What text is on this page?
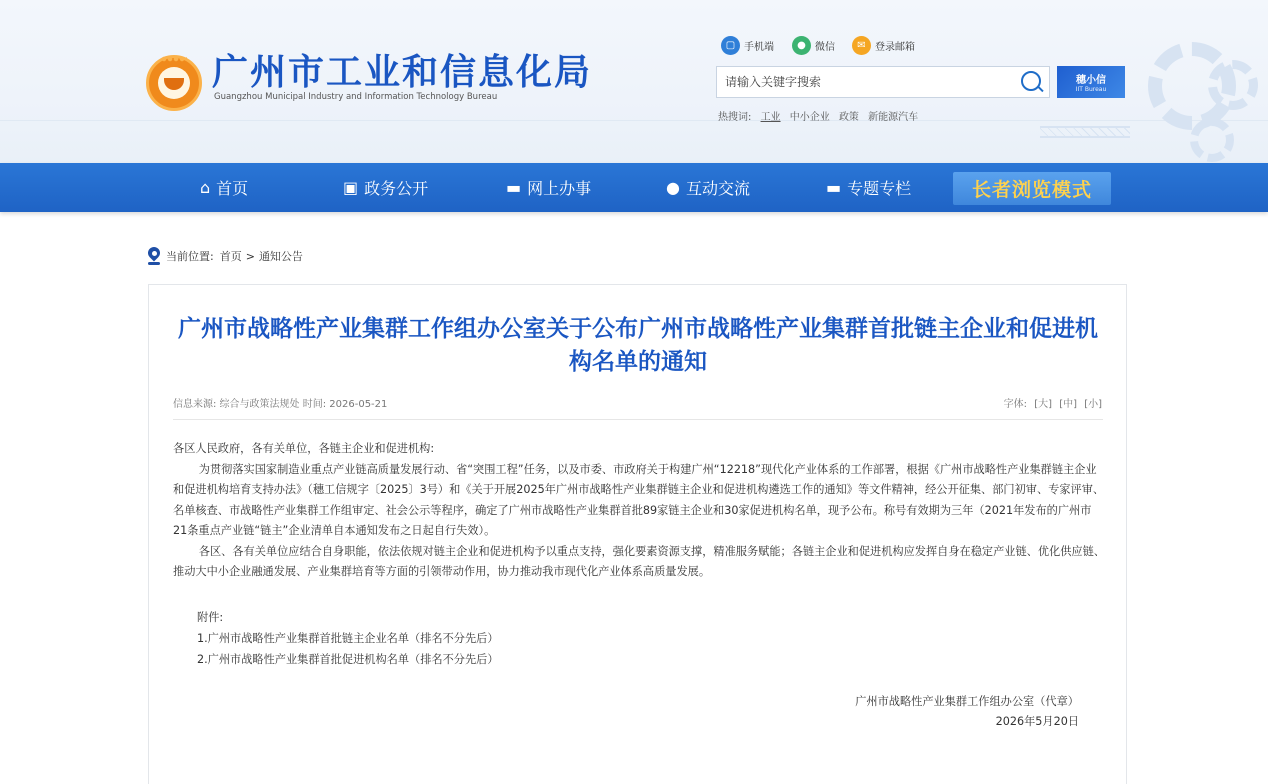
广州市工业和信息化局
Guangzhou Municipal Industry and Information Technology Bureau
▢ 手机端	● 微信	✉ 登录邮箱
请输入关键字搜索
穗小信
IIT Bureau
热搜词: 工业 中小企业 政策 新能源汽车
⌂ 首页	▣ 政务公开	▬ 网上办事	● 互动交流	▬ 专题专栏	长者浏览模式
当前位置: 首页 > 通知公告
广州市战略性产业集群工作组办公室关于公布广州市战略性产业集群首批链主企业和促进机构名单的通知
信息来源: 综合与政策法规处 时间: 2026-05-21	字体: [大] [中] [小]

各区人民政府，各有关单位，各链主企业和促进机构:

为贯彻落实国家制造业重点产业链高质量发展行动、省“突围工程”任务，以及市委、市政府关于构建广州“12218”现代化产业体系的工作部署，根据《广州市战略性产业集群链主企业和促进机构培育支持办法》（穗工信规字〔2025〕3号）和《关于开展2025年广州市战略性产业集群链主企业和促进机构遴选工作的通知》等文件精神，经公开征集、部门初审、专家评审、名单核查、市战略性产业集群工作组审定、社会公示等程序，确定了广州市战略性产业集群首批89家链主企业和30家促进机构名单，现予公布。称号有效期为三年（2021年发布的广州市21条重点产业链“链主”企业清单自本通知发布之日起自行失效）。

各区、各有关单位应结合自身职能，依法依规对链主企业和促进机构予以重点支持，强化要素资源支撑，精准服务赋能；各链主企业和促进机构应发挥自身在稳定产业链、优化供应链、推动大中小企业融通发展、产业集群培育等方面的引领带动作用，协力推动我市现代化产业体系高质量发展。

附件:

1.广州市战略性产业集群首批链主企业名单（排名不分先后）

2.广州市战略性产业集群首批促进机构名单（排名不分先后）

广州市战略性产业集群工作组办公室（代章）

2026年5月20日
